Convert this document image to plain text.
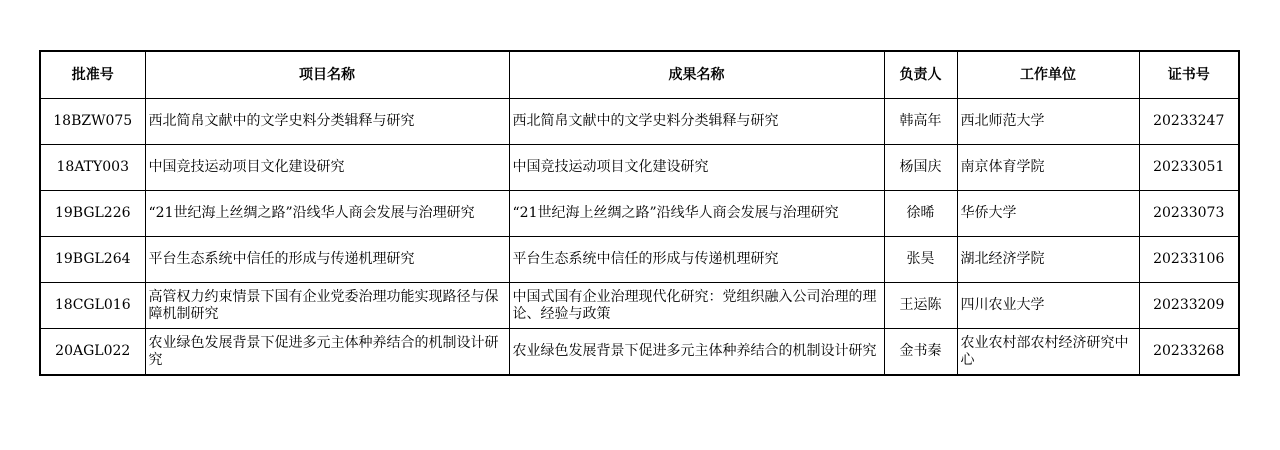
批准号	项目名称	成果名称	负责人	工作单位	证书号
18BZW075	西北简帛文献中的文学史料分类辑释与研究	西北简帛文献中的文学史料分类辑释与研究	韩高年	西北师范大学	20233247
18ATY003	中国竞技运动项目文化建设研究	中国竞技运动项目文化建设研究	杨国庆	南京体育学院	20233051
19BGL226	“21世纪海上丝绸之路”沿线华人商会发展与治理研究	“21世纪海上丝绸之路”沿线华人商会发展与治理研究	徐晞	华侨大学	20233073
19BGL264	平台生态系统中信任的形成与传递机理研究	平台生态系统中信任的形成与传递机理研究	张昊	湖北经济学院	20233106
18CGL016	高管权力约束情景下国有企业党委治理功能实现路径与保障机制研究	中国式国有企业治理现代化研究：党组织融入公司治理的理论、经验与政策	王运陈	四川农业大学	20233209
20AGL022	农业绿色发展背景下促进多元主体种养结合的机制设计研究	农业绿色发展背景下促进多元主体种养结合的机制设计研究	金书秦	农业农村部农村经济研究中心	20233268
